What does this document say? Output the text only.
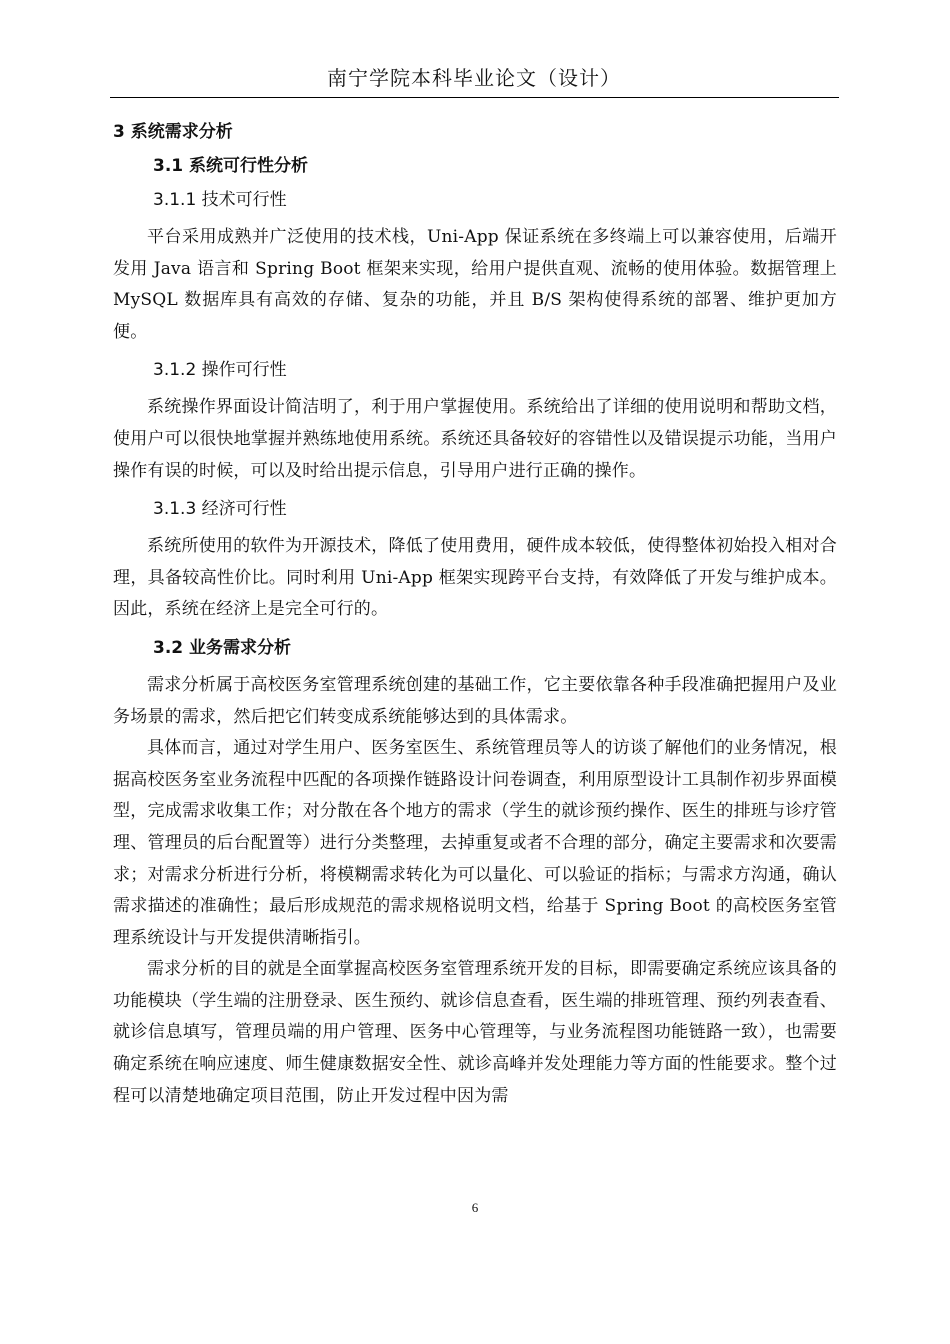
南宁学院本科毕业论文（设计）
3 系统需求分析
3.1 系统可行性分析
3.1.1 技术可行性

平台采用成熟并广泛使用的技术栈，Uni-App 保证系统在多终端上可以兼容使用，后端开发用 Java 语言和 Spring Boot 框架来实现，给用户提供直观、流畅的使用体验。数据管理上 MySQL 数据库具有高效的存储、复杂的功能，并且 B/S 架构使得系统的部署、维护更加方便。

3.1.2 操作可行性

系统操作界面设计简洁明了，利于用户掌握使用。系统给出了详细的使用说明和帮助文档，使用户可以很快地掌握并熟练地使用系统。系统还具备较好的容错性以及错误提示功能，当用户操作有误的时候，可以及时给出提示信息，引导用户进行正确的操作。

3.1.3 经济可行性

系统所使用的软件为开源技术，降低了使用费用，硬件成本较低，使得整体初始投入相对合理，具备较高性价比。同时利用 Uni-App 框架实现跨平台支持，有效降低了开发与维护成本。因此，系统在经济上是完全可行的。

3.2 业务需求分析

需求分析属于高校医务室管理系统创建的基础工作，它主要依靠各种手段准确把握用户及业务场景的需求，然后把它们转变成系统能够达到的具体需求。

具体而言，通过对学生用户、医务室医生、系统管理员等人的访谈了解他们的业务情况，根据高校医务室业务流程中匹配的各项操作链路设计问卷调查，利用原型设计工具制作初步界面模型，完成需求收集工作；对分散在各个地方的需求（学生的就诊预约操作、医生的排班与诊疗管理、管理员的后台配置等）进行分类整理，去掉重复或者不合理的部分，确定主要需求和次要需求；对需求分析进行分析，将模糊需求转化为可以量化、可以验证的指标；与需求方沟通，确认需求描述的准确性；最后形成规范的需求规格说明文档，给基于 Spring Boot 的高校医务室管理系统设计与开发提供清晰指引。

需求分析的目的就是全面掌握高校医务室管理系统开发的目标，即需要确定系统应该具备的功能模块（学生端的注册登录、医生预约、就诊信息查看，医生端的排班管理、预约列表查看、就诊信息填写，管理员端的用户管理、医务中心管理等，与业务流程图功能链路一致），也需要确定系统在响应速度、师生健康数据安全性、就诊高峰并发处理能力等方面的性能要求。整个过程可以清楚地确定项目范围，防止开发过程中因为需

6
